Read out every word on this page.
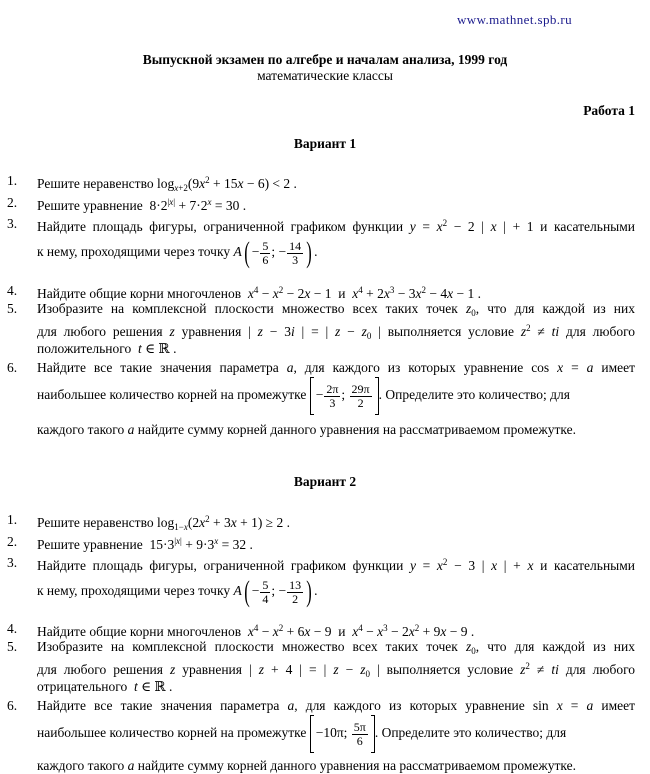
www.mathnet.spb.ru
Выпускной экзамен по алгебре и началам анализа, 1999 год
математические классы
Работа 1
Вариант 1
1. Решите неравенство $\log_{x+2}(9x^2 + 15x - 6) < 2$ .
2. Решите уравнение  $8\cdot 2^{|x|} + 7\cdot 2^x = 30$ .
3. Найдите площадь фигуры, ограниченной графиком функции $y = x^2 - 2$ | x | + 1 и касательными
к нему, проходящими через точку $A( - \frac{5}{6}$ ; − $\frac{14}{3}$ ) .
4. Найдите общие корни многочленов $x^4 - x^2 - 2x - 1$  и $x^4 + 2x^3 - 3x^2 - 4x - 1$ .
5. Изобразите на комплексной плоскости множество всех таких точек $z_0$, что для каждой из них
для любого решения z уравнения | z − 3i | = | $z - z_0$ | выполняется условие $z^2$ ≠ ti для любого
положительного t ∈ ℝ .
6. Найдите все такие значения параметра a, для каждого из которых уравнение cos x = a имеет
наибольшее количество корней на промежутке − $\frac{2\pi}{3}$ ; $\frac{29\pi}{2}$ . Определите это количество; для
каждого такого a найдите сумму корней данного уравнения на рассматриваемом промежутке.
Вариант 2
1. Решите неравенство $\log_{1-x}(2x^2 + 3x + 1) \ge 2$ .
2. Решите уравнение  $15\cdot 3^{|x|} + 9\cdot 3^x = 32$ .
3. Найдите площадь фигуры, ограниченной графиком функции $y = x^2 - 3$ | x | + x и касательными
к нему, проходящими через точку $A( - \frac{5}{4}$ ; − $\frac{13}{2}$ ) .
4. Найдите общие корни многочленов $x^4 - x^2 + 6x - 9$  и $x^4 - x^3 - 2x^2 + 9x - 9$ .
5. Изобразите на комплексной плоскости множество всех таких точек $z_0$, что для каждой из них
для любого решения z уравнения | z + 4 | = | $z - z_0$ | выполняется условие $z^2$ ≠ ti для любого
отрицательного t ∈ ℝ .
6. Найдите все такие значения параметра a, для каждого из которых уравнение sin x = a имеет
наибольшее количество корней на промежутке −10π; $\frac{5\pi}{6}$ . Определите это количество; для
каждого такого a найдите сумму корней данного уравнения на рассматриваемом промежутке.
